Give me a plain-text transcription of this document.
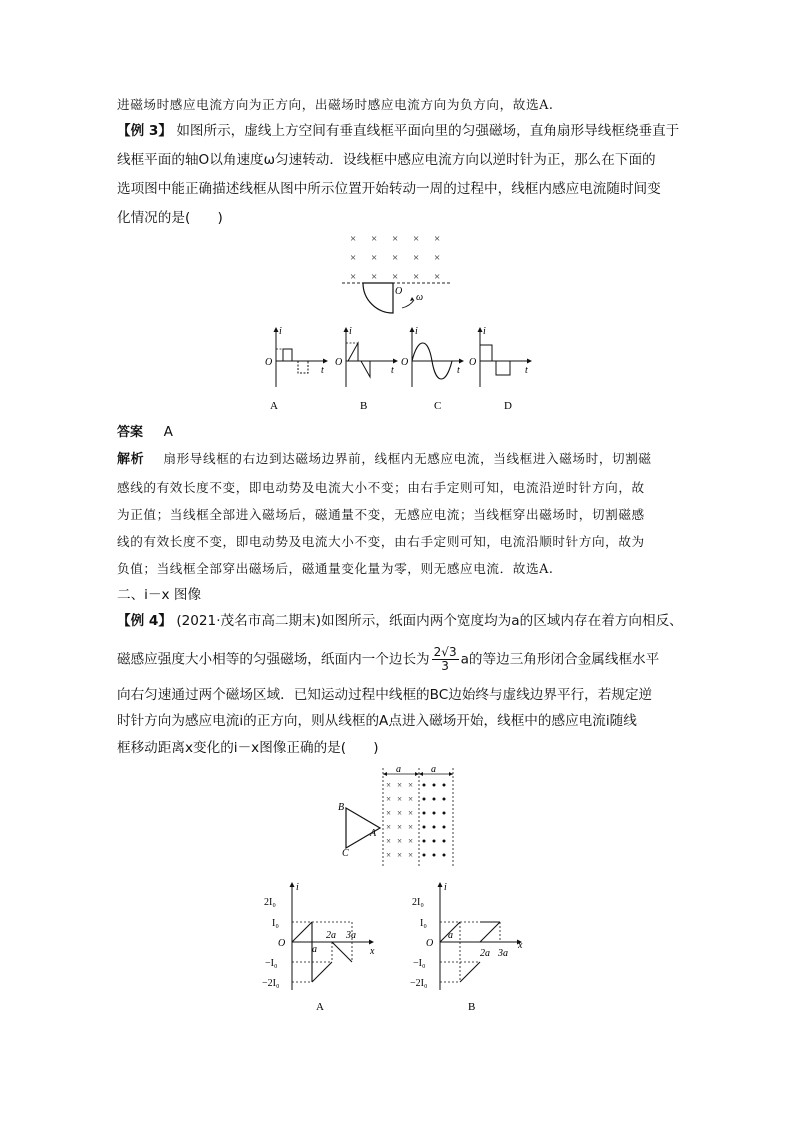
进磁场时感应电流方向为正方向，出磁场时感应电流方向为负方向，故选A.
【例 3】 如图所示，虚线上方空间有垂直线框平面向里的匀强磁场，直角扇形导线框绕垂直于
线框平面的轴O以角速度ω匀速转动．设线框中感应电流方向以逆时针为正，那么在下面的
选项图中能正确描述线框从图中所示位置开始转动一周的过程中，线框内感应电流随时间变
化情况的是(　　)
× × × × ×
× × × × ×
× × × × ×
O
ω
i
O
t
A
i
O
t
B
i
O
t
C
i
O
t
D
答案 A
解析 扇形导线框的右边到达磁场边界前，线框内无感应电流，当线框进入磁场时，切割磁
感线的有效长度不变，即电动势及电流大小不变；由右手定则可知，电流沿逆时针方向，故
为正值；当线框全部进入磁场后，磁通量不变，无感应电流；当线框穿出磁场时，切割磁感
线的有效长度不变，即电动势及电流大小不变，由右手定则可知，电流沿顺时针方向，故为
负值；当线框全部穿出磁场后，磁通量变化量为零，则无感应电流．故选A.
二、i－x 图像
【例 4】 (2021·茂名市高二期末)如图所示，纸面内两个宽度均为a的区域内存在着方向相反、
磁感应强度大小相等的匀强磁场，纸面内一个边长为 $\frac{2√3}{3}$ a的等边三角形闭合金属线框水平
向右匀速通过两个磁场区域．已知运动过程中线框的BC边始终与虚线边界平行，若规定逆
时针方向为感应电流i的正方向，则从线框的A点进入磁场开始，线框中的感应电流i随线
框移动距离x变化的i－x图像正确的是(　　)
a	a
× × ×
× × ×
× × ×
× × ×
× × ×
× × ×
B
A
C
i
x
2I₀
I₀
O
−I₀
−2I₀
a
2a 3a
A
i
x
2I₀
I₀
O
−I₀
−2I₀
a
2a 3a
B
